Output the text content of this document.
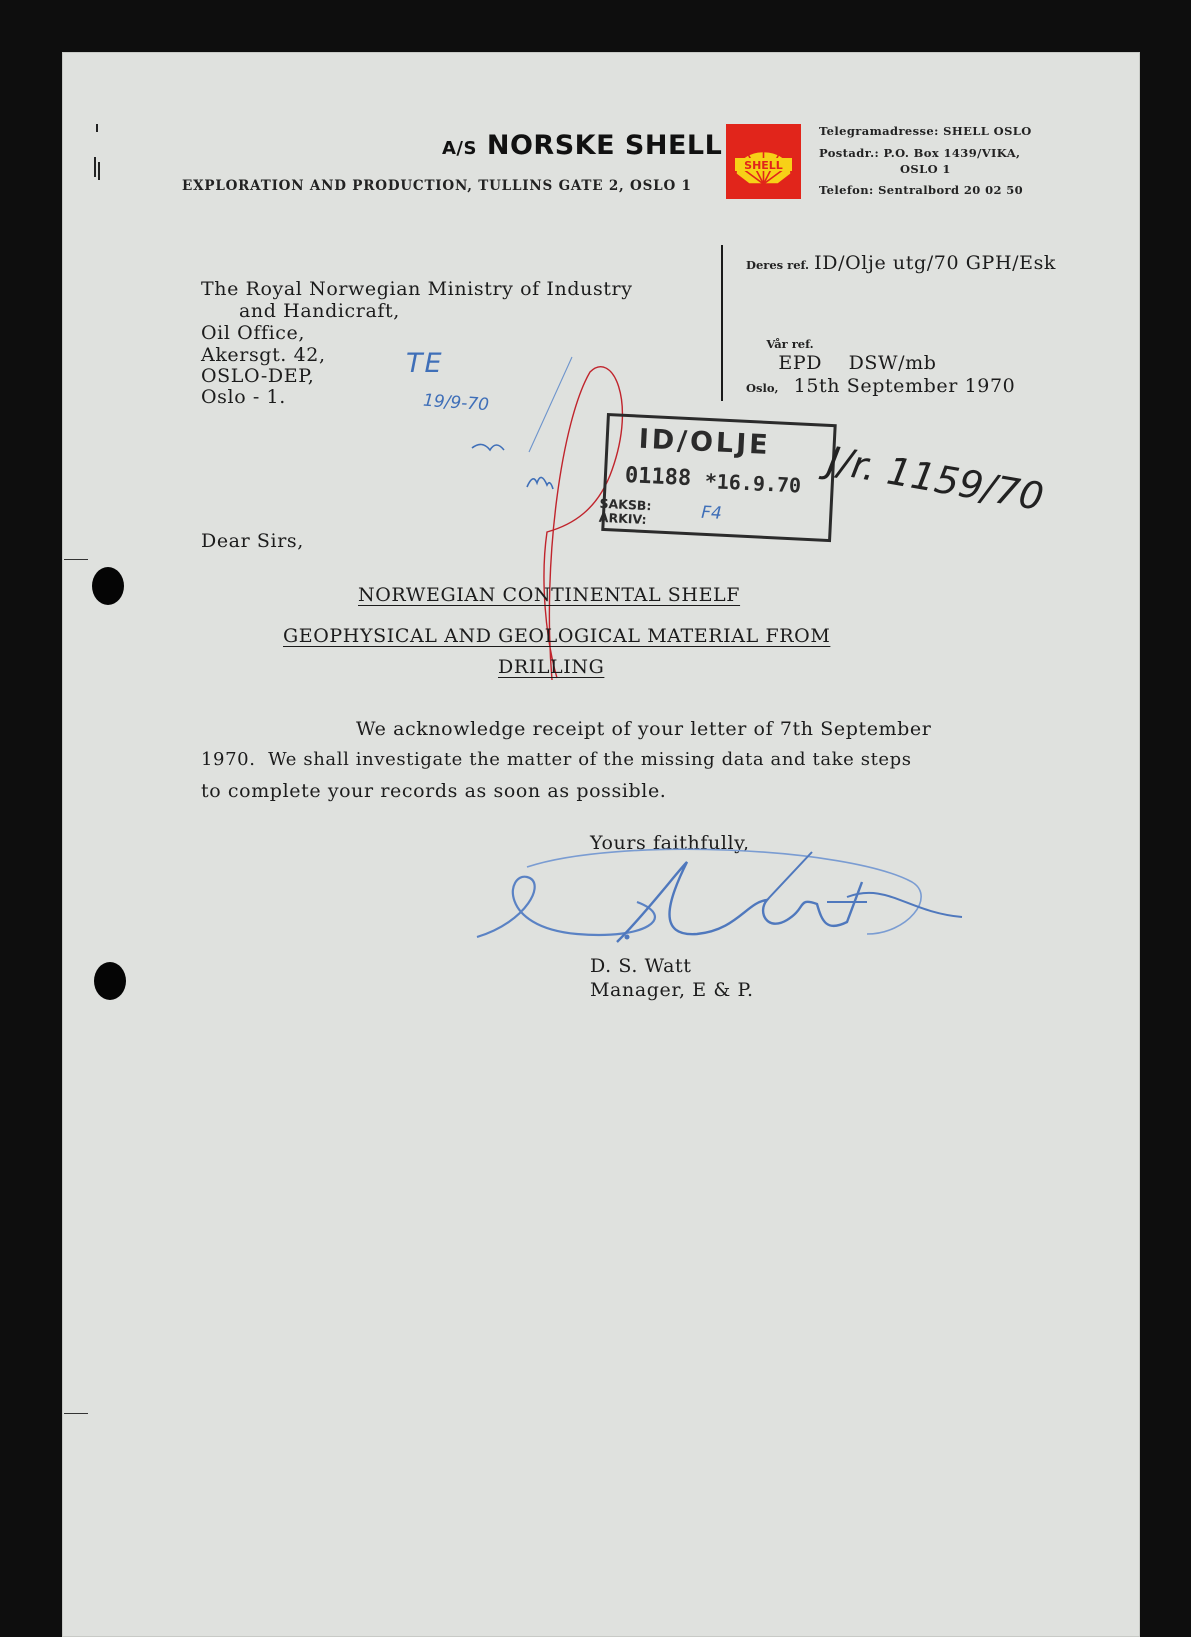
A/S NORSKE SHELL
EXPLORATION AND PRODUCTION, TULLINS GATE 2, OSLO 1
SHELL
Telegramadresse: SHELL OSLO
Postadr.: P.O. Box 1439/VIKA,
OSLO 1
Telefon: Sentralbord 20 02 50
The Royal Norwegian Ministry of Industry
and Handicraft,
Oil Office,
Akersgt. 42,
OSLO-DEP,
Oslo - 1.
Deres ref. ID/Olje utg/70 GPH/Esk

Vår ref.
EPD    DSW/mb

Oslo, 15th September 1970
TE
19/9-70
ID/OLJE
01188 *16.9.70
SAKSB:
ARKIV:	F4	J/r. 1159/70
Dear Sirs,
NORWEGIAN CONTINENTAL SHELF
GEOPHYSICAL AND GEOLOGICAL MATERIAL FROM
DRILLING
We acknowledge receipt of your letter of 7th September
1970.  We shall investigate the matter of the missing data and take steps
to complete your records as soon as possible.
Yours faithfully,
D. S. Watt
Manager, E & P.
